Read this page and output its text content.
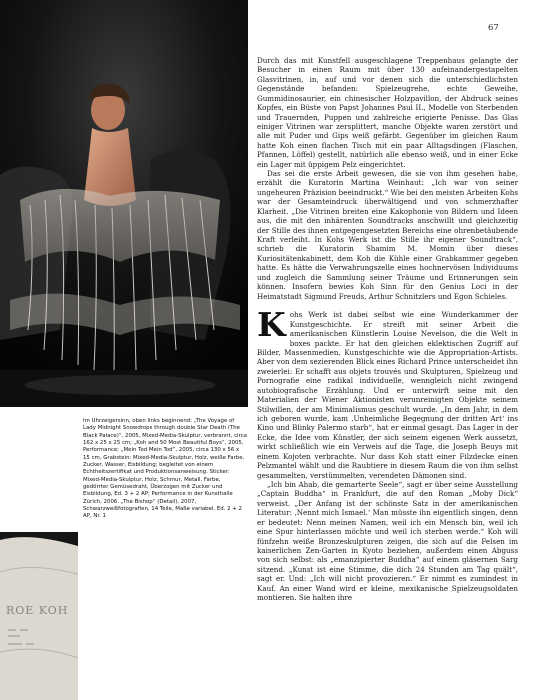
ROE KOH

Im Uhrzeigersinn, oben links beginnend: „The Voyage of Lady Midnight Snowdrops through double Star Death (The Black Palace)“, 2005, Mixed-Media-Skulptur, verbrannt, circa 162 x 25 x 25 cm; „Koh and 50 Most Beautiful Boys“, 2005, Performance; „Mein Tod Mein Tod“, 2005, circa 130 x 56 x 15 cm, Grabstein: Mixed-Media-Skulptur, Holz, weiße Farbe, Zucker, Wasser, Eisbildung; begleitet von einem Echtheitszertifikat und Produktionsanweisung. Sticker: Mixed-Media-Skulptur, Holz, Schmur, Metall, Farbe, gedörrter Gemüsedraht, Überzogen mit Zucker und Eisbildung, Ed. 3 + 2 AP; Performance in der Kunsthalle Zürich, 2006. „The Bishop“ (Detail), 2007, Schwarzweißfotografien, 14 Teile, Maße variabel, Ed. 2 + 2 AP, Nr. 1

67

Durch das mit Kunstfell ausgeschlagene Treppenhaus gelangte der Besucher in einen Raum mit über 130 aufeinandergestapelten Glasvitrinen, in, auf und vor denen sich die unterschiedlichsten Gegenstände befanden: Spielzeugrehe, echte Geweihe, Gummidinosaurier, ein chinesischer Holzpavillon, der Abdruck seines Kopfes, ein Büste von Papst Johannes Paul II., Modelle von Sterbenden und Trauernden, Puppen und zahlreiche erigierte Penisse. Das Glas einiger Vitrinen war zersplittert, manche Objekte waren zerstört und alle mit Puder und Gips weiß gefärbt. Gegenüber im gleichen Raum hatte Koh einen flachen Tisch mit ein paar Alltagsdingen (Flaschen, Pfannen, Löffel) gestellt, natürlich alle ebenso weiß, und in einer Ecke ein Lager mit üppigem Pelz eingerichtet.

Das sei die erste Arbeit gewesen, die sie von ihm gesehen habe, erzählt die Kuratorin Martina Weinhaut: „Ich war von seiner ungeheuren Präzision beeindruckt.“ Wie bei den meisten Arbeiten Kohs war der Gesamteindruck überwältigend und von schmerzhafter Klarheit. „Die Vitrinen breiten eine Kakophonie von Bildern und Ideen aus, die mit den inhärenten Soundtracks anschwillt und gleichzeitig der Stille des ihnen entgegengesetzten Bereichs eine ohrenbetäubende Kraft verleiht. In Kohs Werk ist die Stille ihr eigener Soundtrack“, schrieb die Kuratorin Shamim M. Momin über dieses Kuriositätenkabinett, dem Koh die Kühle einer Grabkammer gegeben hatte. Es hätte die Verwahrungszelle eines hochnervösen Individuums und zugleich die Sammlung seiner Träume und Erinnerungen sein können. Insofern bewies Koh Sinn für den Genius Loci in der Heimatstadt Sigmund Freuds, Arthur Schnitzlers und Egon Schieles.

Kohs Werk ist dabei selbst wie eine Wunderkammer der Kunstgeschichte. Er streift mit seiner Arbeit die amerikanischen Künstlerin Louise Nevelson, die die Welt in boxes packte. Er hat den gleichen eklektischen Zugriff auf Bilder, Massenmedien, Kunstgeschichte wie die Appropriation-Artists. Aber von dem sezierenden Blick eines Richard Prince unterscheidet ihn zweierlei: Er schafft aus objets trouvés und Skulpturen, Spielzeug und Pornografie eine radikal individuelle, wenngleich nicht zwingend autobiografische Erzählung. Und er unterwirft seine mit den Materialien der Wiener Aktionisten verunreinigten Objekte seinem Stilwillen, der am Minimalismus geschult wurde. „In dem Jahr, in dem ich geboren wurde, kam ‚Unheimliche Begegnung der dritten Art‘ ins Kino und Blinky Palermo starb“, hat er einmal gesagt. Das Lager in der Ecke, die Idee vom Künstler, der sich seinem eigenen Werk aussetzt, wirkt schließlich wie ein Verweis auf die Tage, die Joseph Beuys mit einem Kojoten verbrachte. Nur dass Koh statt einer Filzdecke einen Pelzmantel wählt und die Raubtiere in diesem Raum die von ihm selbst gesammelten, verstümmelten, verendeten Dämonen sind.

„Ich bin Ahab, die gemarterte Seele“, sagt er über seine Ausstellung „Captain Buddha“ in Frankfurt, die auf den Roman „Moby Dick“ verweist. „Der Anfang ist der schönste Satz in der amerikanischen Literatur: ‚Nennt mich Ismael.‘ Man müsste ihn eigentlich singen, denn er bedeutet: Nenn meinen Namen, weil ich ein Mensch bin, weil ich eine Spur hinterlassen möchte und weil ich sterben werde.“ Koh will fünfzehn weiße Bronzeskulpturen zeigen, die sich auf die Felsen im kaiserlichen Zen-Garten in Kyoto beziehen, außerdem einen Abguss von sich selbst: als „emanzipierter Buddha“ auf einem gläsernen Sarg sitzend. „Kunst ist eine Stimme, die dich 24 Stunden am Tag quält“, sagt er. Und: „Ich will nicht provozieren.“ Er nimmt es zumindest in Kauf. An einer Wand wird er kleine, mexikanische Spielzeugsoldaten montieren. Sie halten ihre
